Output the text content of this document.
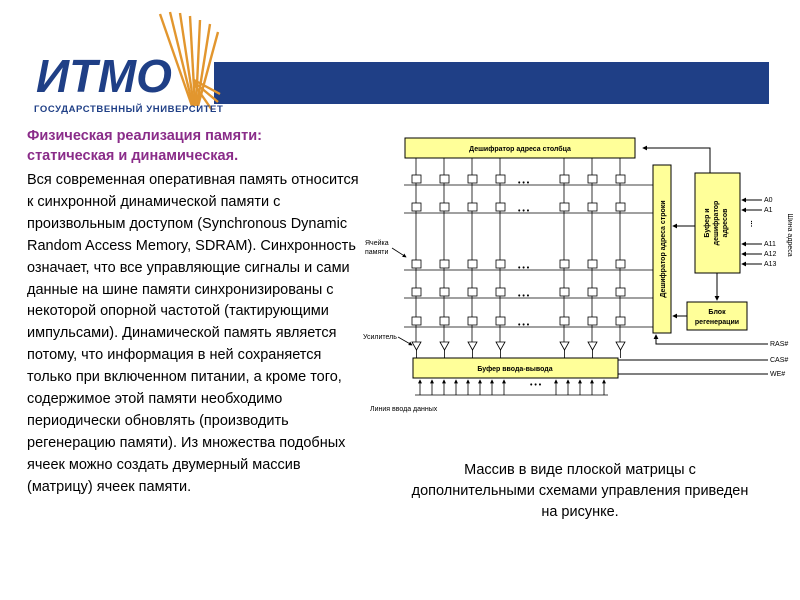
ИТМО
ГОСУДАРСТВЕННЫЙ УНИВЕРСИТЕТ
Физическая реализация памяти:
статическая и динамическая.
Вся современная оперативная память относится к синхронной динамической памяти с произвольным доступом (Synchronous Dynamic Random Access Memory, SDRAM). Синхронность означает, что все управляющие сигналы и сами данные на шине памяти синхронизированы с некоторой опорной частотой (тактирующими импульсами). Динамической память является потому, что информация в ней сохраняется только при включенном питании, а кроме того, содержимое этой памяти необходимо периодически обновлять (производить регенерацию памяти). Из множества подобных ячеек можно создать двумерный массив (матрицу) ячеек памяти.
Дешифратор адреса столбца
• • •
• • •
• • •
• • •
• • •
• • •
Дешифратор адреса строки	Буфер и дешифратор адресов
A0
A1
A11
A12
A13
⋮	Шина адреса
Блок
регенерации
RAS#
CAS#
WE#
Буфер ввода-вывода
Ячейка
памяти
Усилитель
Линия ввода данных
Массив в виде плоской матрицы с дополнительными схемами управления приведен на рисунке.
